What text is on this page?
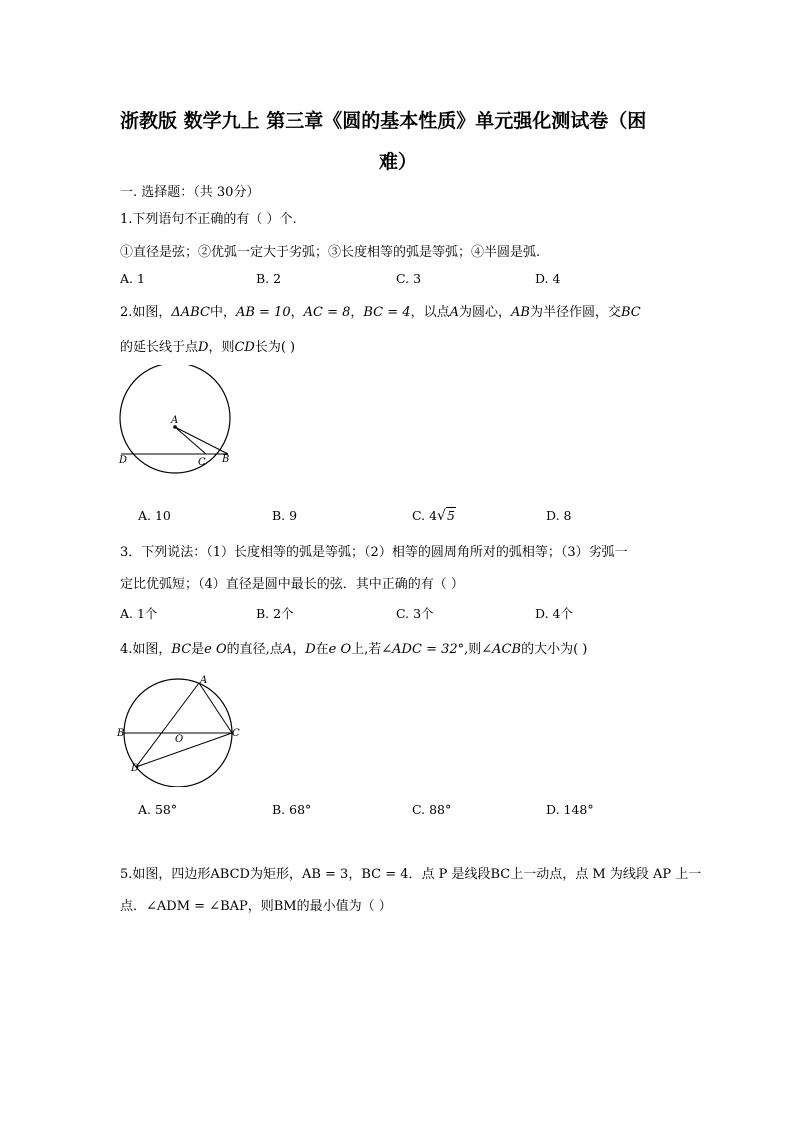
浙教版 数学九上 第三章《圆的基本性质》单元强化测试卷（困
难）
一. 选择题：（共 30分）
1.下列语句不正确的有（ ）个.
①直径是弦；②优弧一定大于劣弧；③长度相等的弧是等弧；④半圆是弧.
A. 1	B. 2	C. 3	D. 4
2.如图，ΔABC中，AB = 10，AC = 8，BC = 4，以点A为圆心，AB为半径作圆，交BC
的延长线于点D，则CD长为( )
A
C B
D
A. 10	B. 9	C. 4√5	D. 8
3．下列说法：（1）长度相等的弧是等弧；（2）相等的圆周角所对的弧相等；（3）劣弧一
定比优弧短；（4）直径是圆中最长的弦．其中正确的有（ ）
A. 1个	B. 2个	C. 3个	D. 4个
4.如图，BC是e O的直径,点A，D在e O上,若∠ADC = 32°,则∠ACB的大小为( )
A
B
O
C
D
A. 58°	B. 68°	C. 88°	D. 148°
5.如图，四边形ABCD为矩形，AB = 3，BC = 4．点 P 是线段BC上一动点，点 M 为线段 AP 上一
点．∠ADM = ∠BAP，则BM的最小值为（ ）
